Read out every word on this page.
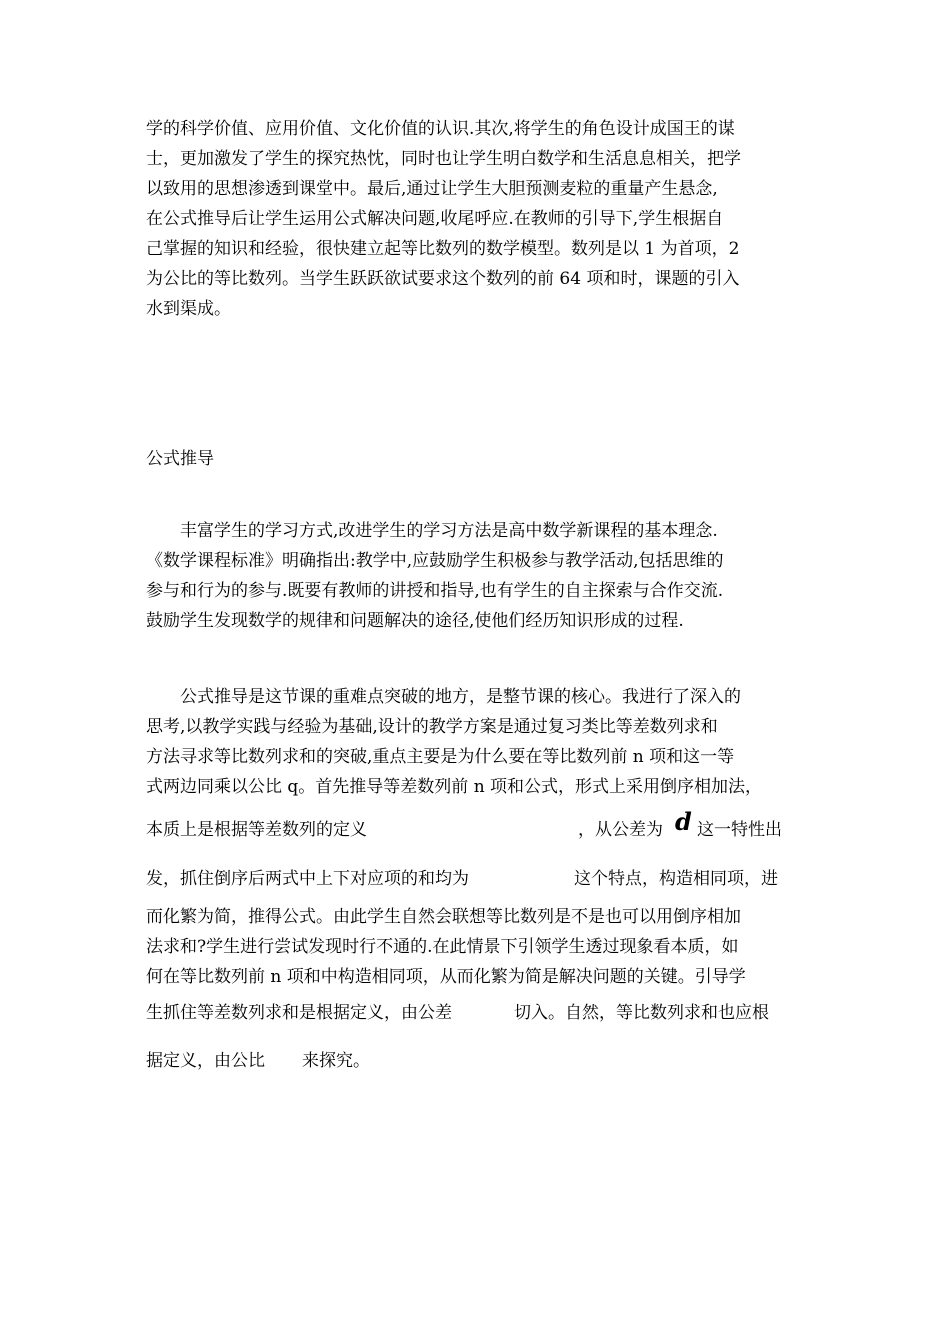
学的科学价值、应用价值、文化价值的认识.其次,将学生的角色设计成国王的谋
士，更加激发了学生的探究热忱，同时也让学生明白数学和生活息息相关，把学
以致用的思想渗透到课堂中。最后,通过让学生大胆预测麦粒的重量产生悬念,
在公式推导后让学生运用公式解决问题,收尾呼应.在教师的引导下,学生根据自
己掌握的知识和经验，很快建立起等比数列的数学模型。数列是以 1 为首项，2
为公比的等比数列。当学生跃跃欲试要求这个数列的前 64 项和时，课题的引入
水到渠成。
公式推导
丰富学生的学习方式,改进学生的学习方法是高中数学新课程的基本理念.
《数学课程标准》明确指出:教学中,应鼓励学生积极参与教学活动,包括思维的
参与和行为的参与.既要有教师的讲授和指导,也有学生的自主探索与合作交流.
鼓励学生发现数学的规律和问题解决的途径,使他们经历知识形成的过程.
公式推导是这节课的重难点突破的地方，是整节课的核心。我进行了深入的
思考,以教学实践与经验为基础,设计的教学方案是通过复习类比等差数列求和
方法寻求等比数列求和的突破,重点主要是为什么要在等比数列前 n 项和这一等
式两边同乘以公比 q。首先推导等差数列前 n 项和公式，形式上采用倒序相加法，
本质上是根据等差数列的定义	，从公差为 d 这一特性出
发，抓住倒序后两式中上下对应项的和均为	这个特点，构造相同项，进
而化繁为简，推得公式。由此学生自然会联想等比数列是不是也可以用倒序相加
法求和?学生进行尝试发现时行不通的.在此情景下引领学生透过现象看本质，如
何在等比数列前 n 项和中构造相同项，从而化繁为简是解决问题的关键。引导学
生抓住等差数列求和是根据定义，由公差	切入。自然，等比数列求和也应根
据定义，由公比 来探究。
